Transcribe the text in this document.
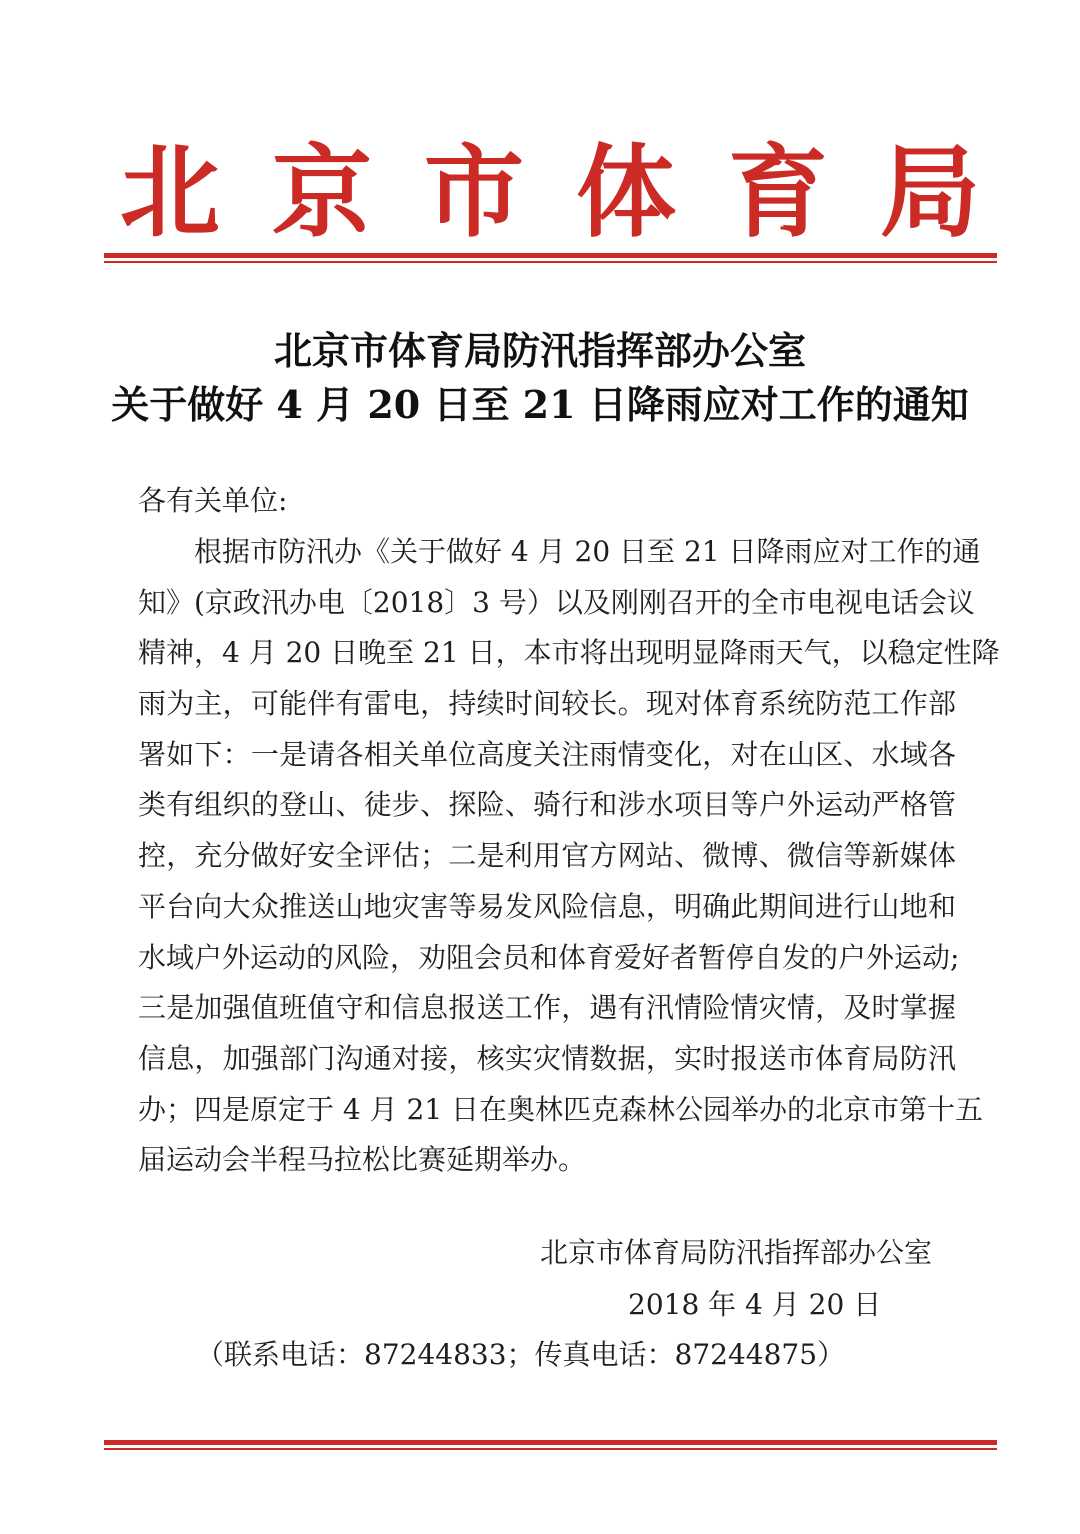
北 京 市 体 育 局
北京市体育局防汛指挥部办公室
关于做好 4 月 20 日至 21 日降雨应对工作的通知
各有关单位:
根据市防汛办《关于做好 4 月 20 日至 21 日降雨应对工作的通
知》(京政汛办电〔2018〕3 号）以及刚刚召开的全市电视电话会议
精神，4 月 20 日晚至 21 日，本市将出现明显降雨天气，以稳定性降
雨为主，可能伴有雷电，持续时间较长。现对体育系统防范工作部
署如下：一是请各相关单位高度关注雨情变化，对在山区、水域各
类有组织的登山、徒步、探险、骑行和涉水项目等户外运动严格管
控，充分做好安全评估；二是利用官方网站、微博、微信等新媒体
平台向大众推送山地灾害等易发风险信息，明确此期间进行山地和
水域户外运动的风险，劝阻会员和体育爱好者暂停自发的户外运动;
三是加强值班值守和信息报送工作，遇有汛情险情灾情，及时掌握
信息，加强部门沟通对接，核实灾情数据，实时报送市体育局防汛
办；四是原定于 4 月 21 日在奥林匹克森林公园举办的北京市第十五
届运动会半程马拉松比赛延期举办。
北京市体育局防汛指挥部办公室
2018 年 4 月 20 日
（联系电话：87244833；传真电话：87244875）
